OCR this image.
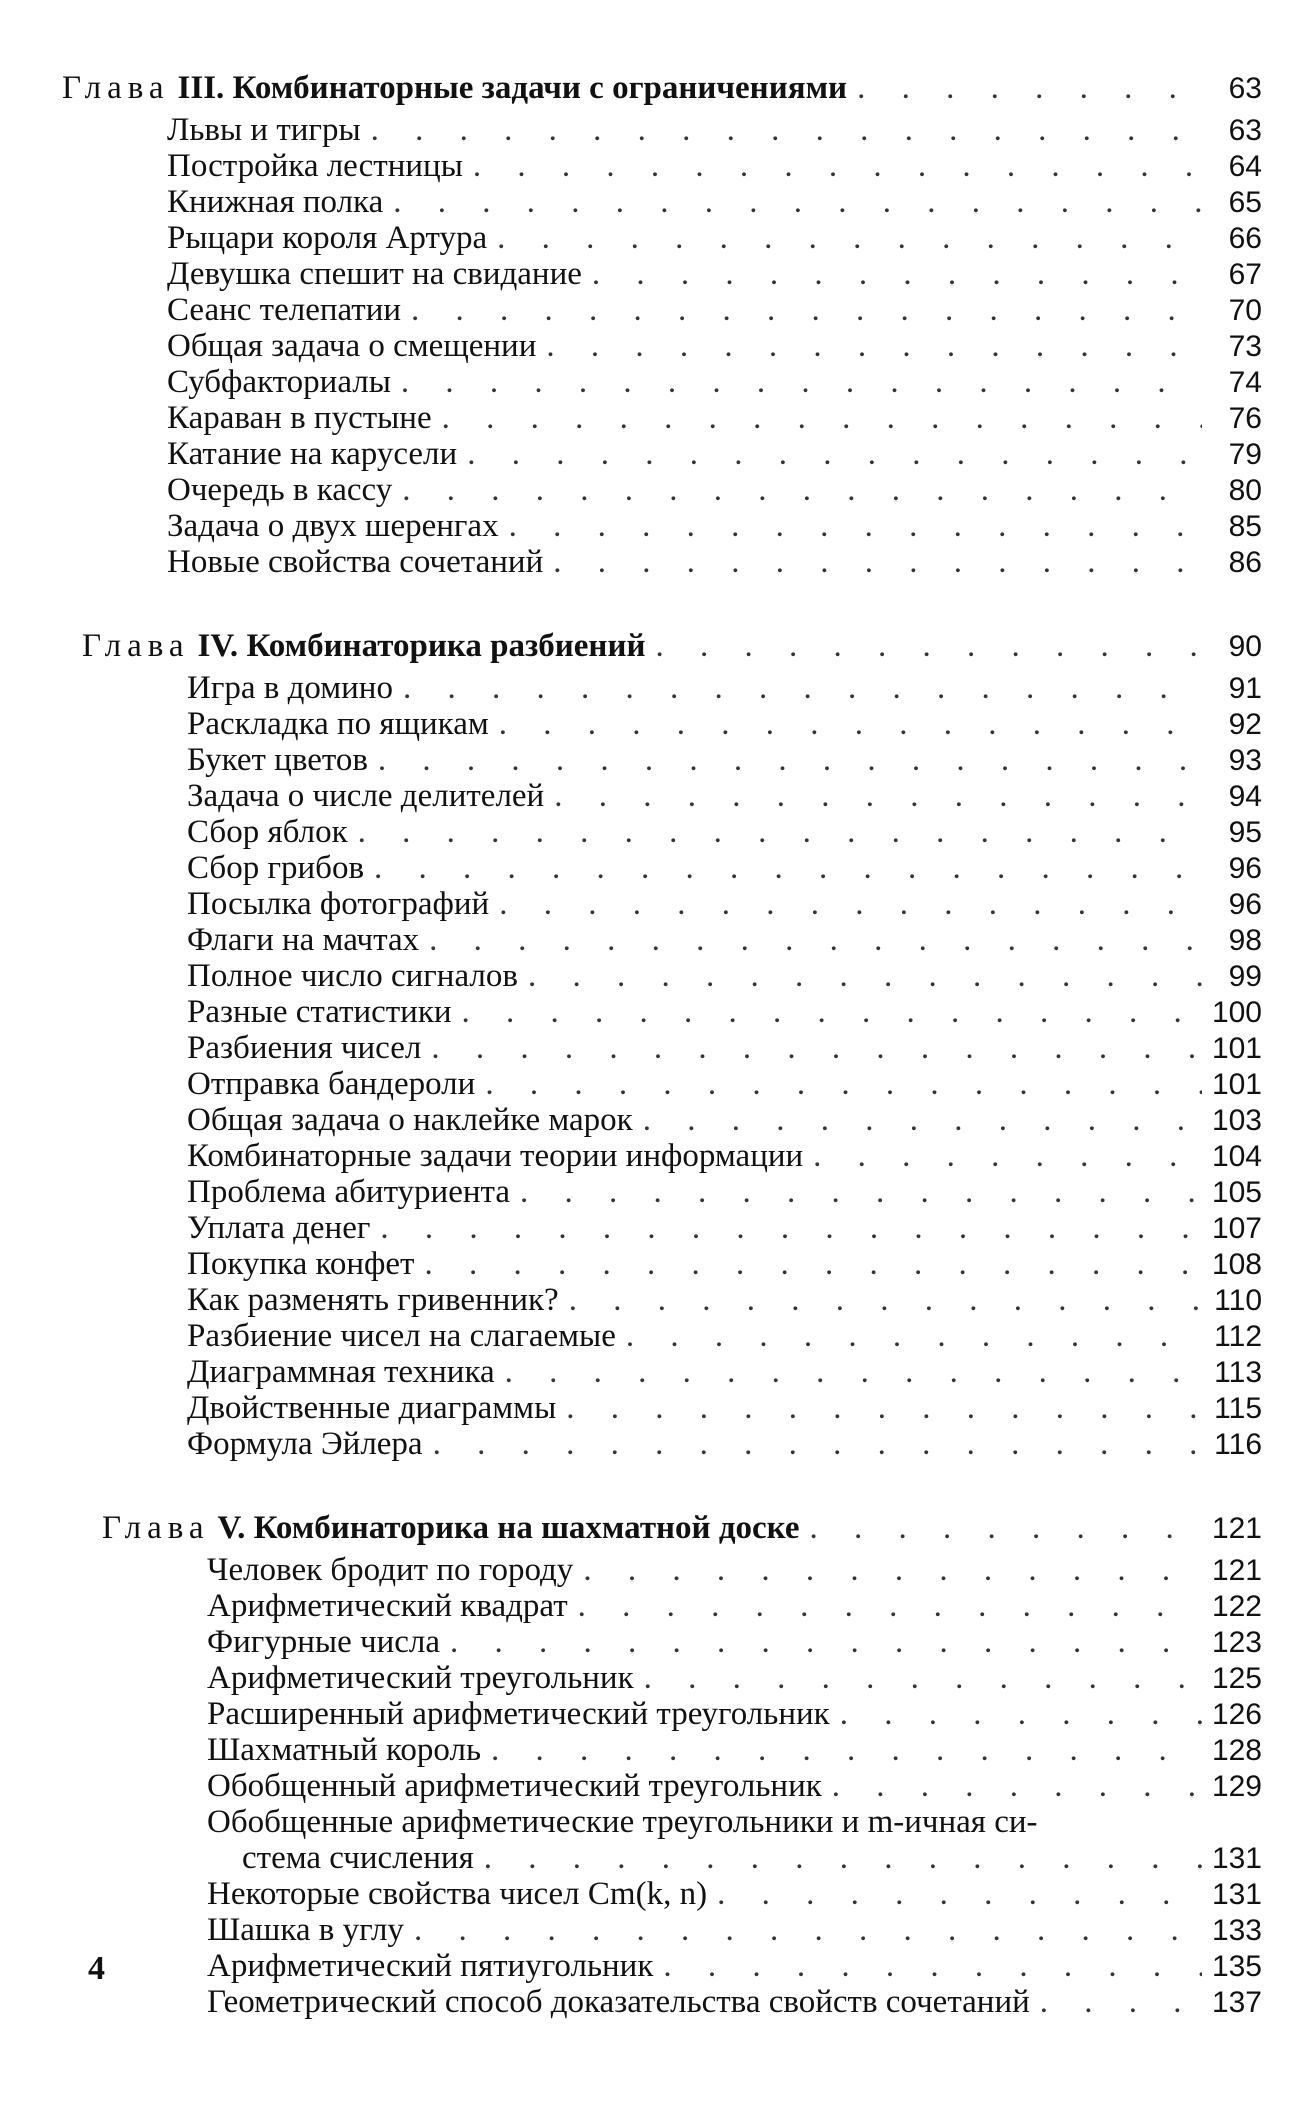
Глава III. Комбинаторные задачи с ограничениями . . .	63
Львы и тигры . . .	63
Постройка лестницы . . .	64
Книжная полка . . .	65
Рыцари короля Артура . . .	66
Девушка спешит на свидание . . .	67
Сеанс телепатии . . .	70
Общая задача о смещении . . .	73
Субфакториалы . . .	74
Караван в пустыне . . .	76
Катание на карусели . . .	79
Очередь в кассу . . .	80
Задача о двух шеренгах . . .	85
Новые свойства сочетаний . . .	86
Глава IV. Комбинаторика разбиений . . .	90
Игра в домино . . .	91
Раскладка по ящикам . . .	92
Букет цветов . . .	93
Задача о числе делителей . . .	94
Сбор яблок . . .	95
Сбор грибов . . .	96
Посылка фотографий . . .	96
Флаги на мачтах . . .	98
Полное число сигналов . . .	99
Разные статистики . . .	100
Разбиения чисел . . .	101
Отправка бандероли . . .	101
Общая задача о наклейке марок . . .	103
Комбинаторные задачи теории информации . . .	104
Проблема абитуриента . . .	105
Уплата денег . . .	107
Покупка конфет . . .	108
Как разменять гривенник? . . .	110
Разбиение чисел на слагаемые . . .	112
Диаграммная техника . . .	113
Двойственные диаграммы . . .	115
Формула Эйлера . . .	116
Глава V. Комбинаторика на шахматной доске . . .	121
Человек бродит по городу . . .	121
Арифметический квадрат . . .	122
Фигурные числа . . .	123
Арифметический треугольник . . .	125
Расширенный арифметический треугольник . . .	126
Шахматный король . . .	128
Обобщенный арифметический треугольник . . .	129
Обобщенные арифметические треугольники и m-ичная си-
стема счисления . . .	131
Некоторые свойства чисел Cm(k, n) . . .	131
Шашка в углу . . .	133
Арифметический пятиугольник . . .	135
Геометрический способ доказательства свойств сочетаний . . .	137
4
